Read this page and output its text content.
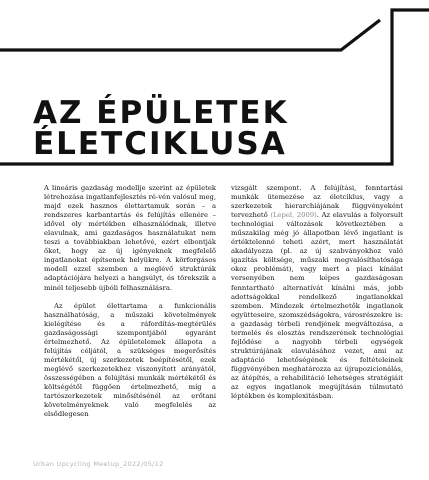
AZ ÉPÜLETEK
ÉLETCIKLUSA

A lineáris gazdaság modellje szerint az épületek létrehozása ingatlanfejlesztés ré-vén valósul meg, majd ezek hasznos élettartamuk során – a rendszeres karbantartás és felújítás ellenére – idővel oly mértékben elhasználódnak, illetve elavulnak, ami gazdaságos használatukat nem teszi a továbbiakban lehetővé, ezért elbontják őket, hogy az új igényeknek megfelelő ingatlanokat építsenek helyükre. A körforgásos modell ezzel szemben a meglévő struktúrák adaptációjára helyezi a hangsúlyt, és törekszik a minél teljesebb újbóli felhasználásra.

Az épület élettartama a funkcionális használhatóság, a műszaki követelmények kielégítése és a ráfordítás-megtérülés gazdaságossági szempontjából egyaránt értelmezhető. Az épületelemek állapota a felújítás céljától, a szükséges megerősítés mértékétől, új szerkezetek beépítésétől, ezek meglévő szerkezetekhez viszonyított arányától, összességében a felújítási munkák mértékétől és költségétől függően értelmezhető, míg a tartószerkezetek minősítésénél az erőtani követelményeknek való megfelelés az elsődlegesen

vizsgált szempont. A felújítási, fenntartási munkák ütemezése az életciklus, vagy a szerkezetek hierarchiájának függvényeként tervezhető (Lepel, 2009). Az elavulás a folyorsult technológiai változások következtében a műszakilag még jó állapotban lévő ingatlant is értéktelenné teheti azért, mert használatát akadályozza (pl. az új szabványokhoz való igazítás költsége, műszaki megvalósíthatósága okoz problémát), vagy mert a piaci kínálat versenyében nem képes gazdaságosan fenntartható alternatívát kínálni más, jobb adottságokkal rendelkező ingatlanokkal szemben. Mindezek értelmezhetők ingatlanok együtteseire, szomszédságokra, városrészekre is: a gazdaság térbeli rendjének megváltozása, a termelés és elosztás rendszerének technológiai fejlődése a nagyobb térbeli egységek struktúrájának elavulásához vezet, ami az adaptáció lehetőségének és feltételeinek függvényében meghatározza az újrapozicionálás, az átépítés, a rehabilitáció lehetséges stratégiáit az egyes ingatlanok megújításán túlmutató léptékben és komplexitásban.

Urban Upcycling Meetup_2022/05/12
